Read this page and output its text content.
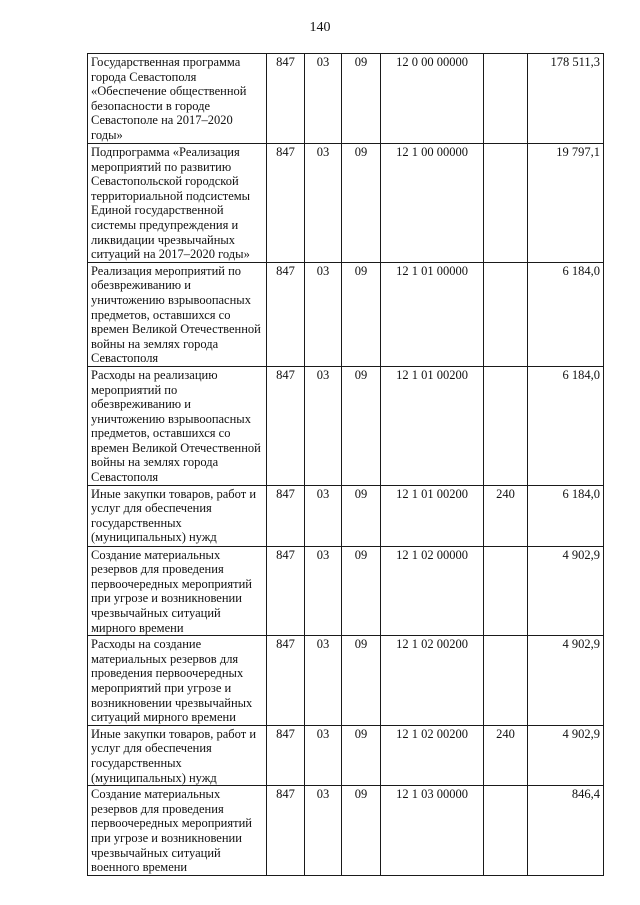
140
Государственная программа города Севастополя «Обеспечение общественной безопасности в городе Севастополе на 2017–2020 годы»	847	03	09	12 0 00 00000		178 511,3
Подпрограмма «Реализация мероприятий по развитию Севастопольской городской территориальной подсистемы Единой государственной системы предупреждения и ликвидации чрезвычайных ситуаций на 2017–2020 годы»	847	03	09	12 1 00 00000		19 797,1
Реализация мероприятий по обезвреживанию и уничтожению взрывоопасных предметов, оставшихся со времен Великой Отечественной войны на землях города Севастополя	847	03	09	12 1 01 00000		6 184,0
Расходы на реализацию мероприятий по обезвреживанию и уничтожению взрывоопасных предметов, оставшихся со времен Великой Отечественной войны на землях города Севастополя	847	03	09	12 1 01 00200		6 184,0
Иные закупки товаров, работ и услуг для обеспечения государственных (муниципальных) нужд	847	03	09	12 1 01 00200	240	6 184,0
Создание материальных резервов для проведения первоочередных мероприятий при угрозе и возникновении чрезвычайных ситуаций мирного времени	847	03	09	12 1 02 00000		4 902,9
Расходы на создание материальных резервов для проведения первоочередных мероприятий при угрозе и возникновении чрезвычайных ситуаций мирного времени	847	03	09	12 1 02 00200		4 902,9
Иные закупки товаров, работ и услуг для обеспечения государственных (муниципальных) нужд	847	03	09	12 1 02 00200	240	4 902,9
Создание материальных резервов для проведения первоочередных мероприятий при угрозе и возникновении чрезвычайных ситуаций военного времени	847	03	09	12 1 03 00000		846,4
